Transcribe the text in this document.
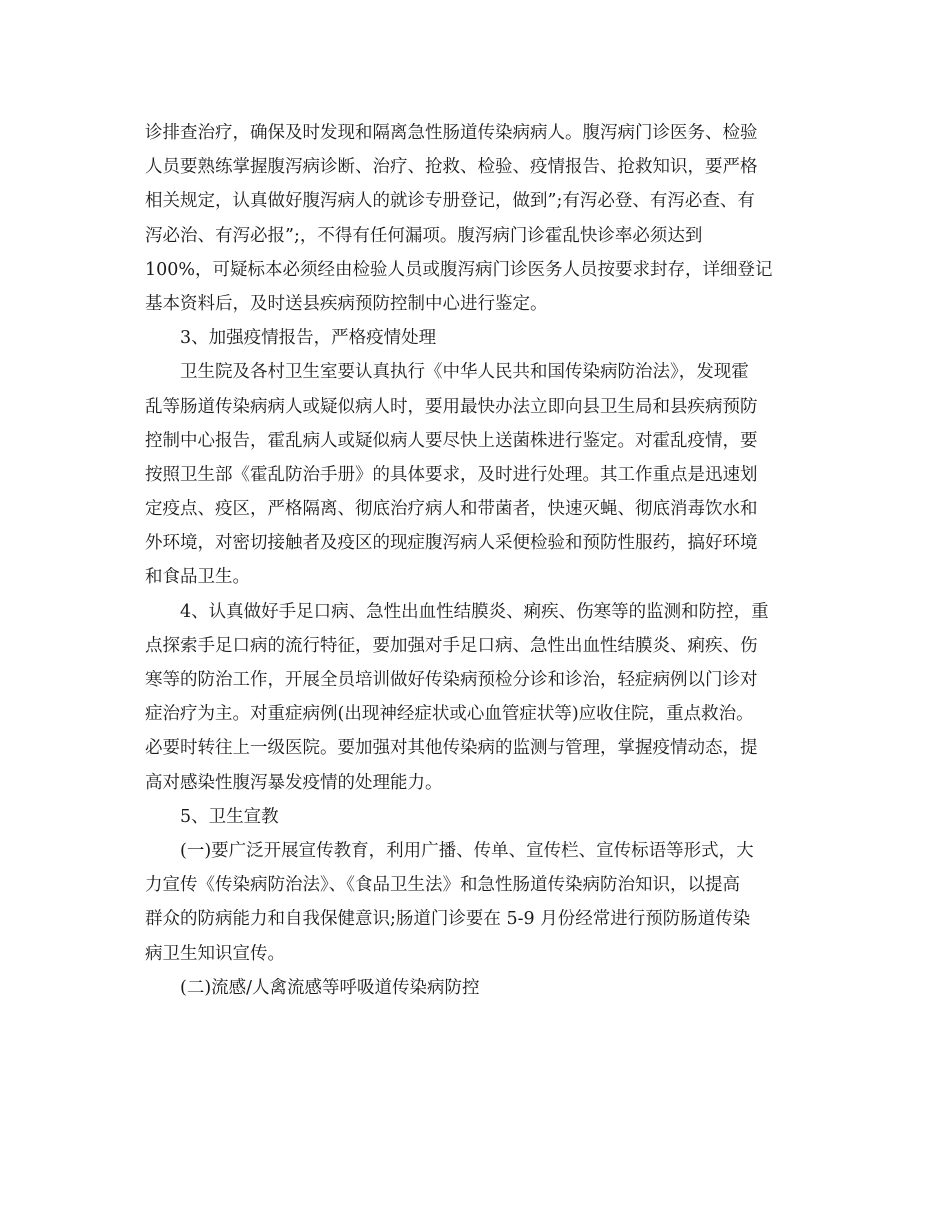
诊排查治疗，确保及时发现和隔离急性肠道传染病病人。腹泻病门诊医务、检验
人员要熟练掌握腹泻病诊断、治疗、抢救、检验、疫情报告、抢救知识，要严格
相关规定，认真做好腹泻病人的就诊专册登记，做到”;有泻必登、有泻必查、有
泻必治、有泻必报”;，不得有任何漏项。腹泻病门诊霍乱快诊率必须达到
100%，可疑标本必须经由检验人员或腹泻病门诊医务人员按要求封存，详细登记
基本资料后，及时送县疾病预防控制中心进行鉴定。
3、加强疫情报告，严格疫情处理
卫生院及各村卫生室要认真执行《中华人民共和国传染病防治法》，发现霍
乱等肠道传染病病人或疑似病人时，要用最快办法立即向县卫生局和县疾病预防
控制中心报告，霍乱病人或疑似病人要尽快上送菌株进行鉴定。对霍乱疫情，要
按照卫生部《霍乱防治手册》的具体要求，及时进行处理。其工作重点是迅速划
定疫点、疫区，严格隔离、彻底治疗病人和带菌者，快速灭蝇、彻底消毒饮水和
外环境，对密切接触者及疫区的现症腹泻病人采便检验和预防性服药，搞好环境
和食品卫生。
4、认真做好手足口病、急性出血性结膜炎、痢疾、伤寒等的监测和防控，重
点探索手足口病的流行特征，要加强对手足口病、急性出血性结膜炎、痢疾、伤
寒等的防治工作，开展全员培训做好传染病预检分诊和诊治，轻症病例以门诊对
症治疗为主。对重症病例(出现神经症状或心血管症状等)应收住院，重点救治。
必要时转往上一级医院。要加强对其他传染病的监测与管理，掌握疫情动态，提
高对感染性腹泻暴发疫情的处理能力。
5、卫生宣教
(一)要广泛开展宣传教育，利用广播、传单、宣传栏、宣传标语等形式，大
力宣传《传染病防治法》、《食品卫生法》和急性肠道传染病防治知识，以提高
群众的防病能力和自我保健意识;肠道门诊要在 5-9 月份经常进行预防肠道传染
病卫生知识宣传。
(二)流感/人禽流感等呼吸道传染病防控
